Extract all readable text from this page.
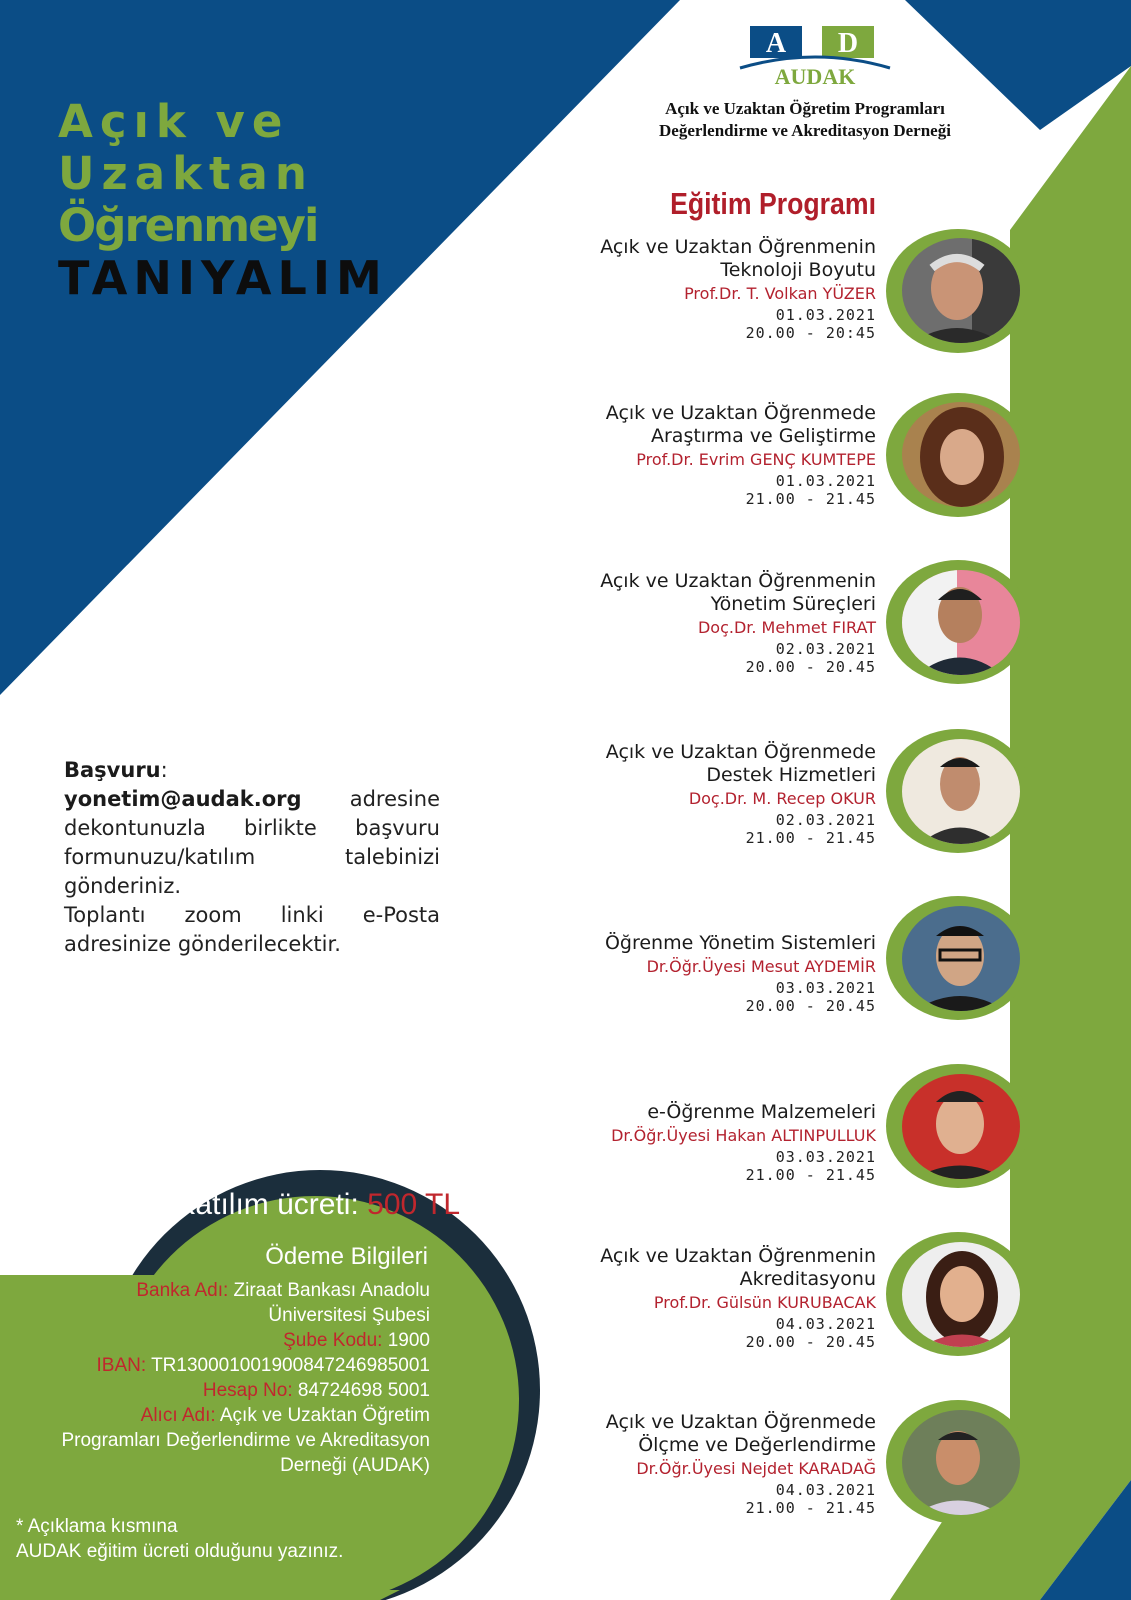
Açık ve
Uzaktan
Öğrenmeyi
TANIYALIM
A D
AUDAK
Açık ve Uzaktan Öğretim Programları
Değerlendirme ve Akreditasyon Derneği
Eğitim Programı
Açık ve Uzaktan Öğrenmenin
Teknoloji Boyutu
Prof.Dr. T. Volkan YÜZER
01.03.2021
20.00 - 20:45
Açık ve Uzaktan Öğrenmede
Araştırma ve Geliştirme
Prof.Dr. Evrim GENÇ KUMTEPE
01.03.2021
21.00 - 21.45
Açık ve Uzaktan Öğrenmenin
Yönetim Süreçleri
Doç.Dr. Mehmet FIRAT
02.03.2021
20.00 - 20.45
Açık ve Uzaktan Öğrenmede
Destek Hizmetleri
Doç.Dr. M. Recep OKUR
02.03.2021
21.00 - 21.45
Öğrenme Yönetim Sistemleri
Dr.Öğr.Üyesi Mesut AYDEMİR
03.03.2021
20.00 - 20.45
e-Öğrenme Malzemeleri
Dr.Öğr.Üyesi Hakan ALTINPULLUK
03.03.2021
21.00 - 21.45
Açık ve Uzaktan Öğrenmenin
Akreditasyonu
Prof.Dr. Gülsün KURUBACAK
04.03.2021
20.00 - 20.45
Açık ve Uzaktan Öğrenmede
Ölçme ve Değerlendirme
Dr.Öğr.Üyesi Nejdet KARADAĞ
04.03.2021
21.00 - 21.45
Başvuru:
yonetim@audak.org adresine dekontunuzla birlikte başvuru formunuzu/katılım talebinizi gönderiniz.
Toplantı zoom linki e-Posta adresinize gönderilecektir.
Katılım ücreti: 500 TL
Ödeme Bilgileri
Banka Adı: Ziraat Bankası Anadolu Üniversitesi Şubesi
Şube Kodu: 1900
IBAN: TR130001001900847246985001
Hesap No: 84724698 5001
Alıcı Adı: Açık ve Uzaktan Öğretim Programları Değerlendirme ve Akreditasyon Derneği (AUDAK)
* Açıklama kısmına
AUDAK eğitim ücreti olduğunu yazınız.
